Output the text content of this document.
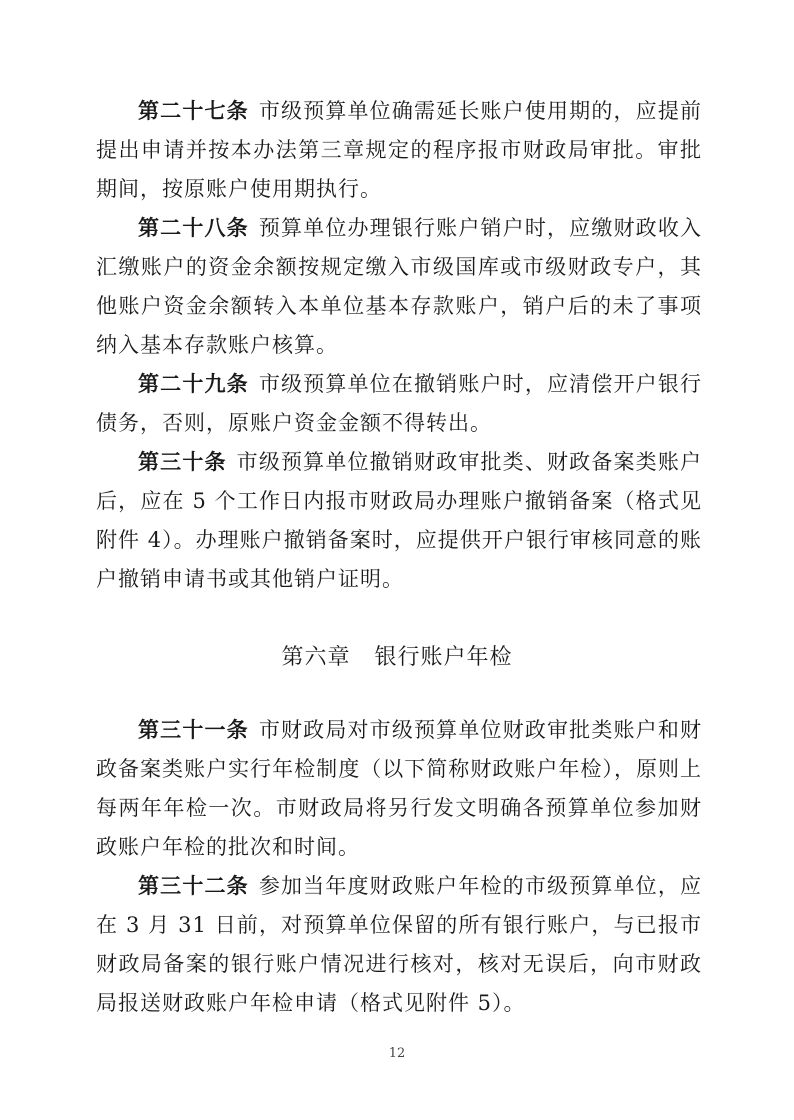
第二十七条 市级预算单位确需延长账户使用期的，应提前提出申请并按本办法第三章规定的程序报市财政局审批。审批期间，按原账户使用期执行。

第二十八条 预算单位办理银行账户销户时，应缴财政收入汇缴账户的资金余额按规定缴入市级国库或市级财政专户，其他账户资金余额转入本单位基本存款账户，销户后的未了事项纳入基本存款账户核算。

第二十九条 市级预算单位在撤销账户时，应清偿开户银行债务，否则，原账户资金金额不得转出。

第三十条 市级预算单位撤销财政审批类、财政备案类账户后，应在 5 个工作日内报市财政局办理账户撤销备案（格式见附件 4）。办理账户撤销备案时，应提供开户银行审核同意的账户撤销申请书或其他销户证明。

第六章 银行账户年检

第三十一条 市财政局对市级预算单位财政审批类账户和财政备案类账户实行年检制度（以下简称财政账户年检），原则上每两年年检一次。市财政局将另行发文明确各预算单位参加财政账户年检的批次和时间。

第三十二条 参加当年度财政账户年检的市级预算单位，应在 3 月 31 日前，对预算单位保留的所有银行账户，与已报市财政局备案的银行账户情况进行核对，核对无误后，向市财政局报送财政账户年检申请（格式见附件 5）。

12
